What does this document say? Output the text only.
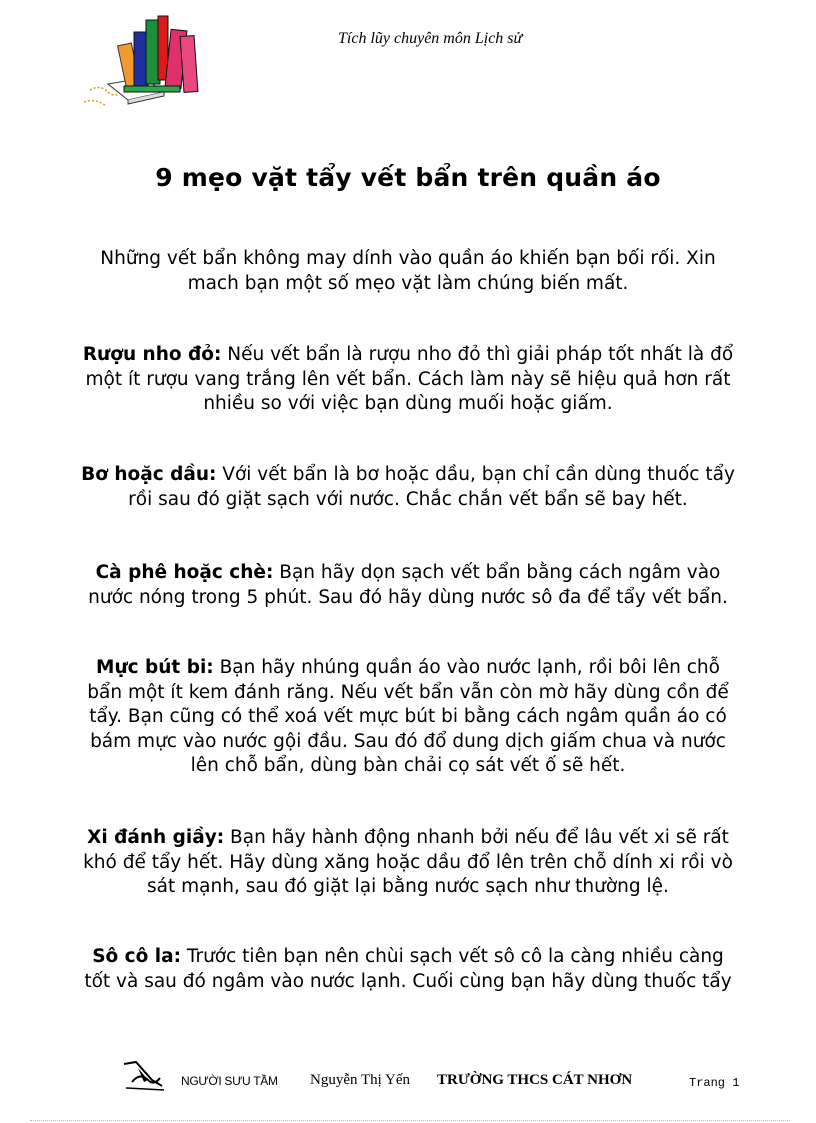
Tích lũy chuyên môn Lịch sử
9 mẹo vặt tẩy vết bẩn trên quần áo
Những vết bẩn không may dính vào quần áo khiến bạn bối rối. Xin mach bạn một số mẹo vặt làm chúng biến mất.
Rượu nho đỏ: Nếu vết bẩn là rượu nho đỏ thì giải pháp tốt nhất là đổ một ít rượu vang trắng lên vết bẩn. Cách làm này sẽ hiệu quả hơn rất nhiều so với việc bạn dùng muối hoặc giấm.
Bơ hoặc dầu: Với vết bẩn là bơ hoặc dầu, bạn chỉ cần dùng thuốc tẩy rồi sau đó giặt sạch với nước. Chắc chắn vết bẩn sẽ bay hết.
Cà phê hoặc chè: Bạn hãy dọn sạch vết bẩn bằng cách ngâm vào nước nóng trong 5 phút. Sau đó hãy dùng nước sô đa để tẩy vết bẩn.
Mực bút bi: Bạn hãy nhúng quần áo vào nước lạnh, rồi bôi lên chỗ bẩn một ít kem đánh răng. Nếu vết bẩn vẫn còn mờ hãy dùng cồn để tẩy. Bạn cũng có thể xoá vết mực bút bi bằng cách ngâm quần áo có bám mực vào nước gội đầu. Sau đó đổ dung dịch giấm chua và nước lên chỗ bẩn, dùng bàn chải cọ sát vết ố sẽ hết.
Xi đánh giầy: Bạn hãy hành động nhanh bởi nếu để lâu vết xi sẽ rất khó để tẩy hết. Hãy dùng xăng hoặc dầu đổ lên trên chỗ dính xi rồi vò sát mạnh, sau đó giặt lại bằng nước sạch như thường lệ.
Sô cô la: Trước tiên bạn nên chùi sạch vết sô cô la càng nhiều càng tốt và sau đó ngâm vào nước lạnh. Cuối cùng bạn hãy dùng thuốc tẩy
NGƯỜI SƯU TẦM Nguyễn Thị Yến TRƯỜNG THCS CÁT NHƠN	Trang 1
